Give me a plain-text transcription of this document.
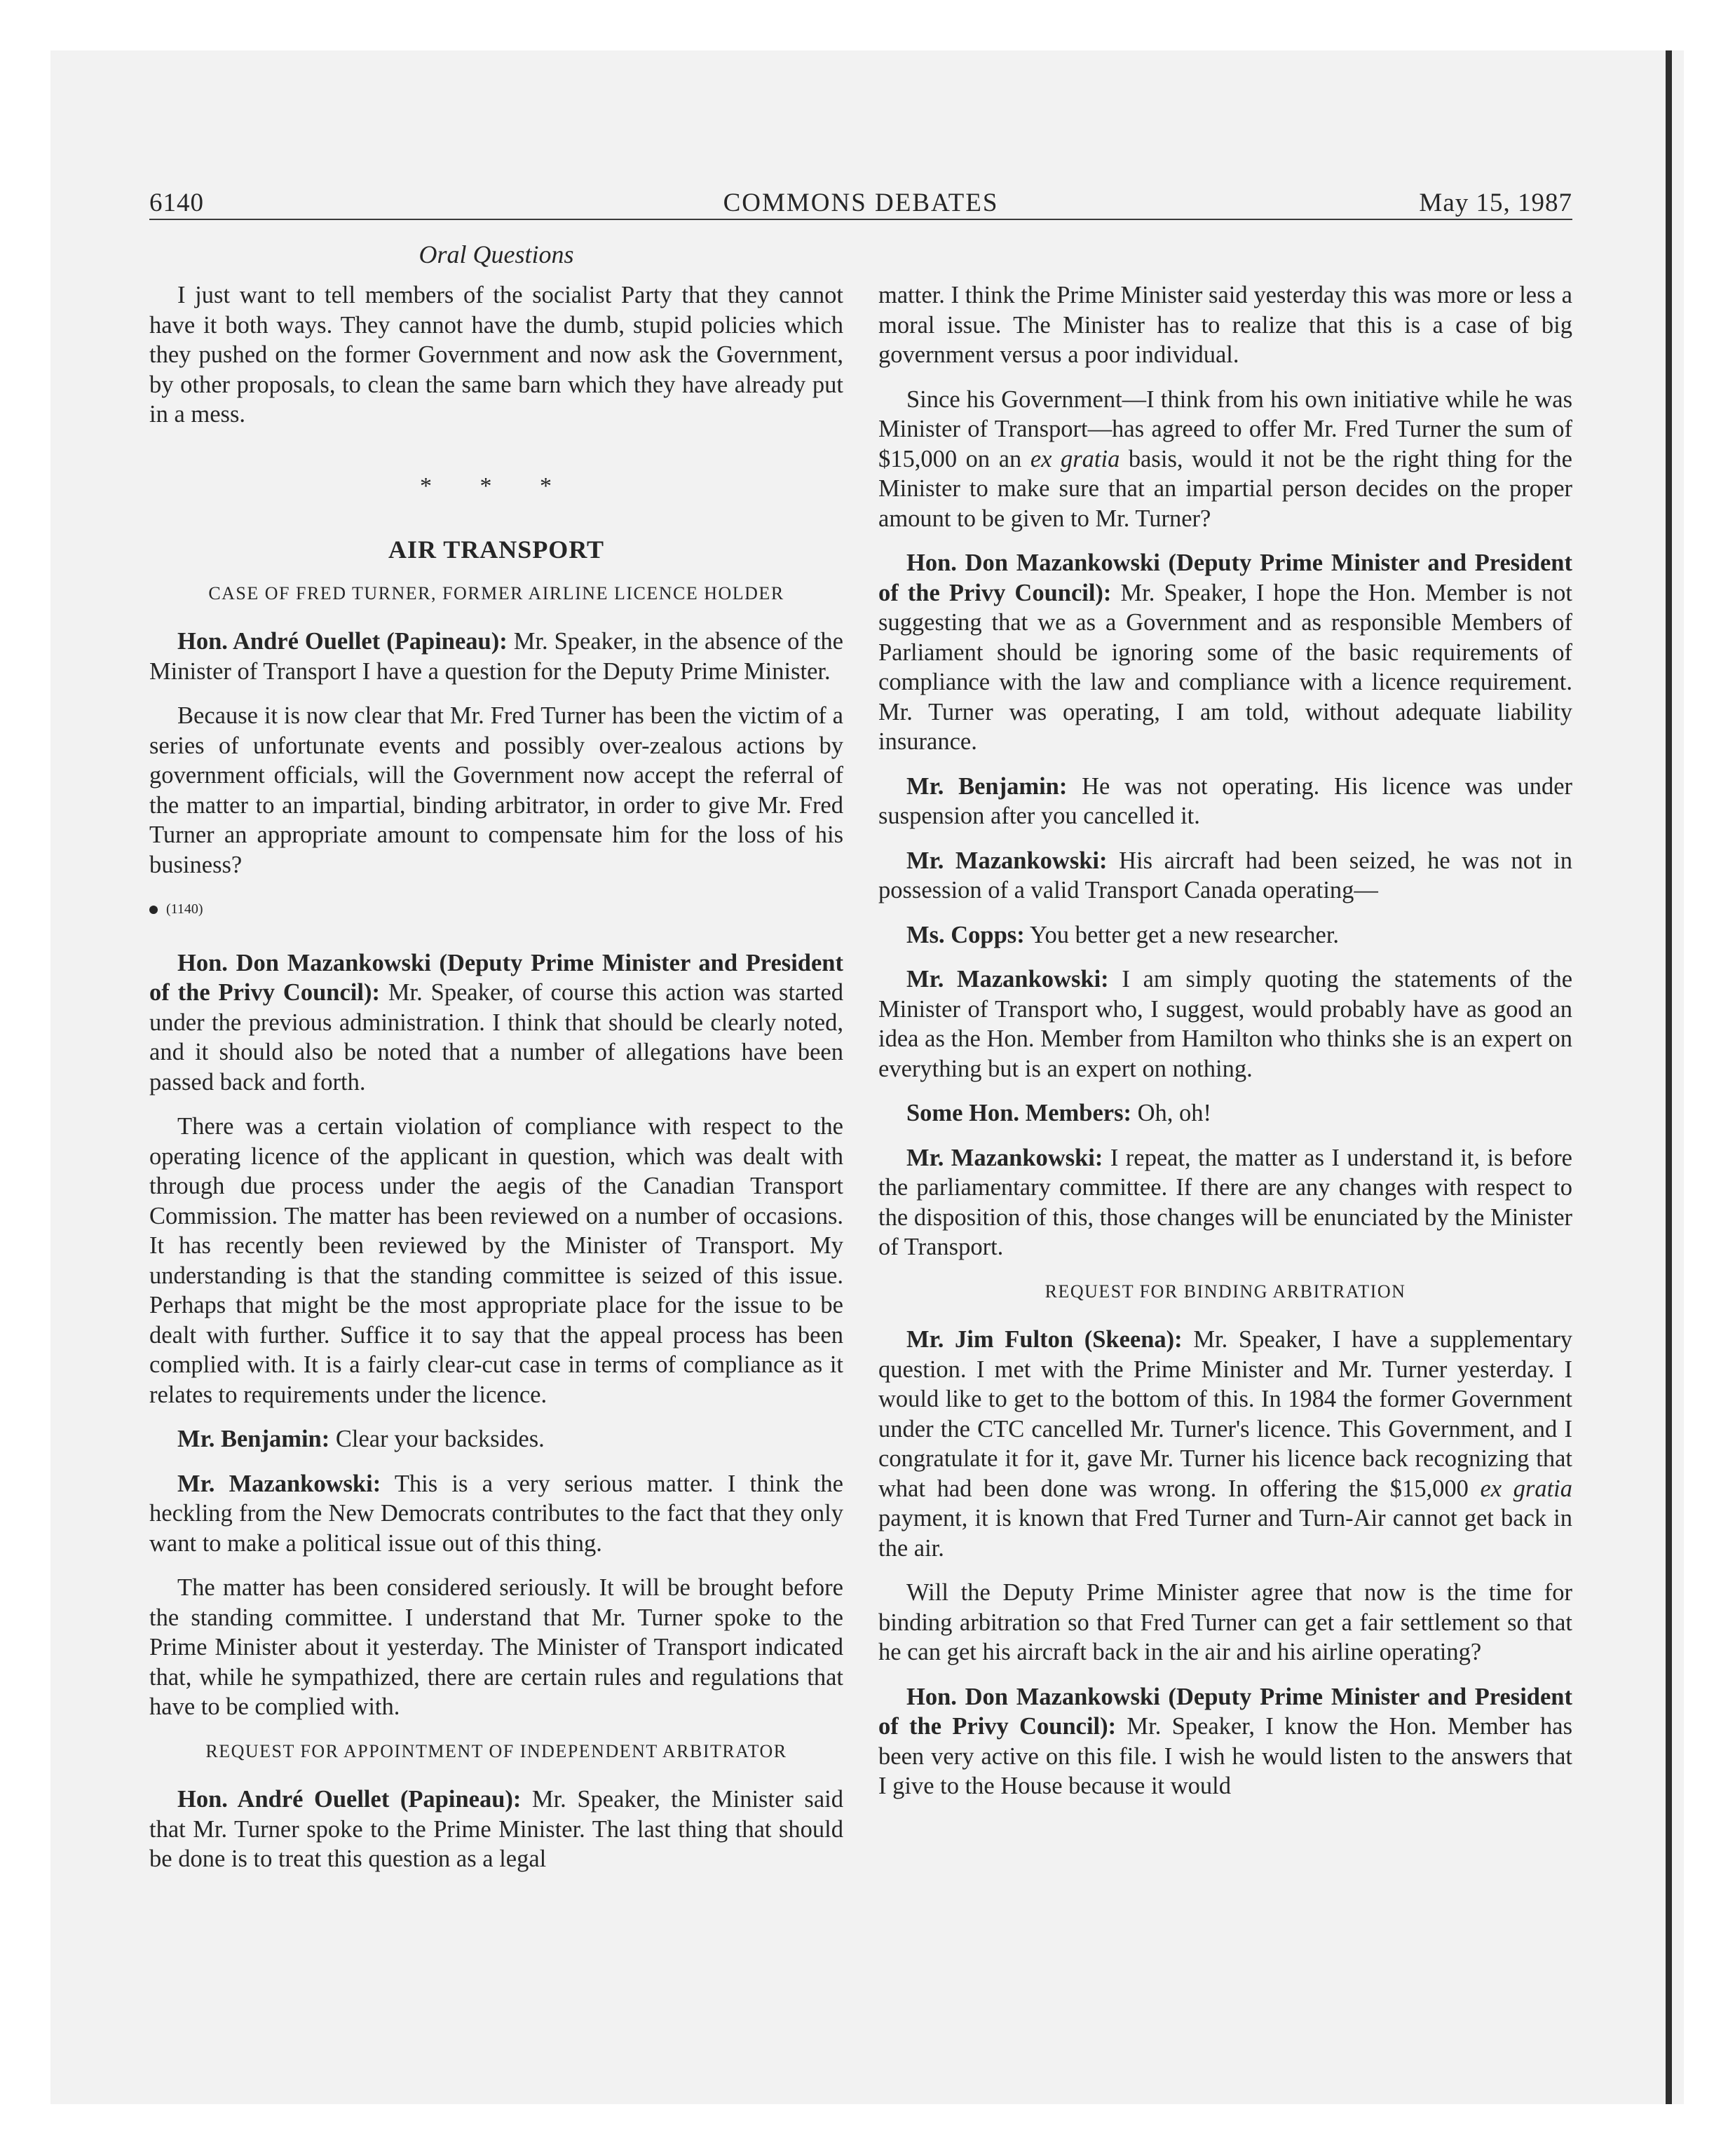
6140	COMMONS DEBATES	May 15, 1987
Oral Questions

I just want to tell members of the socialist Party that they cannot have it both ways. They cannot have the dumb, stupid policies which they pushed on the former Government and now ask the Government, by other proposals, to clean the same barn which they have already put in a mess.

* * *
AIR TRANSPORT
CASE OF FRED TURNER, FORMER AIRLINE LICENCE HOLDER

Hon. André Ouellet (Papineau): Mr. Speaker, in the absence of the Minister of Transport I have a question for the Deputy Prime Minister.

Because it is now clear that Mr. Fred Turner has been the victim of a series of unfortunate events and possibly over-zealous actions by government officials, will the Government now accept the referral of the matter to an impartial, binding arbitrator, in order to give Mr. Fred Turner an appropriate amount to compensate him for the loss of his business?

(1140)

Hon. Don Mazankowski (Deputy Prime Minister and President of the Privy Council): Mr. Speaker, of course this action was started under the previous administration. I think that should be clearly noted, and it should also be noted that a number of allegations have been passed back and forth.

There was a certain violation of compliance with respect to the operating licence of the applicant in question, which was dealt with through due process under the aegis of the Canadian Transport Commission. The matter has been reviewed on a number of occasions. It has recently been reviewed by the Minister of Transport. My understanding is that the standing committee is seized of this issue. Perhaps that might be the most appropriate place for the issue to be dealt with further. Suffice it to say that the appeal process has been complied with. It is a fairly clear-cut case in terms of compliance as it relates to requirements under the licence.

Mr. Benjamin: Clear your backsides.

Mr. Mazankowski: This is a very serious matter. I think the heckling from the New Democrats contributes to the fact that they only want to make a political issue out of this thing.

The matter has been considered seriously. It will be brought before the standing committee. I understand that Mr. Turner spoke to the Prime Minister about it yesterday. The Minister of Transport indicated that, while he sympathized, there are certain rules and regulations that have to be complied with.

REQUEST FOR APPOINTMENT OF INDEPENDENT ARBITRATOR

Hon. André Ouellet (Papineau): Mr. Speaker, the Minister said that Mr. Turner spoke to the Prime Minister. The last thing that should be done is to treat this question as a legal

matter. I think the Prime Minister said yesterday this was more or less a moral issue. The Minister has to realize that this is a case of big government versus a poor individual.

Since his Government—I think from his own initiative while he was Minister of Transport—has agreed to offer Mr. Fred Turner the sum of $15,000 on an ex gratia basis, would it not be the right thing for the Minister to make sure that an impartial person decides on the proper amount to be given to Mr. Turner?

Hon. Don Mazankowski (Deputy Prime Minister and President of the Privy Council): Mr. Speaker, I hope the Hon. Member is not suggesting that we as a Government and as responsible Members of Parliament should be ignoring some of the basic requirements of compliance with the law and compliance with a licence requirement. Mr. Turner was operating, I am told, without adequate liability insurance.

Mr. Benjamin: He was not operating. His licence was under suspension after you cancelled it.

Mr. Mazankowski: His aircraft had been seized, he was not in possession of a valid Transport Canada operating—

Ms. Copps: You better get a new researcher.

Mr. Mazankowski: I am simply quoting the statements of the Minister of Transport who, I suggest, would probably have as good an idea as the Hon. Member from Hamilton who thinks she is an expert on everything but is an expert on nothing.

Some Hon. Members: Oh, oh!

Mr. Mazankowski: I repeat, the matter as I understand it, is before the parliamentary committee. If there are any changes with respect to the disposition of this, those changes will be enunciated by the Minister of Transport.

REQUEST FOR BINDING ARBITRATION

Mr. Jim Fulton (Skeena): Mr. Speaker, I have a supplementary question. I met with the Prime Minister and Mr. Turner yesterday. I would like to get to the bottom of this. In 1984 the former Government under the CTC cancelled Mr. Turner's licence. This Government, and I congratulate it for it, gave Mr. Turner his licence back recognizing that what had been done was wrong. In offering the $15,000 ex gratia payment, it is known that Fred Turner and Turn-Air cannot get back in the air.

Will the Deputy Prime Minister agree that now is the time for binding arbitration so that Fred Turner can get a fair settlement so that he can get his aircraft back in the air and his airline operating?

Hon. Don Mazankowski (Deputy Prime Minister and President of the Privy Council): Mr. Speaker, I know the Hon. Member has been very active on this file. I wish he would listen to the answers that I give to the House because it would
